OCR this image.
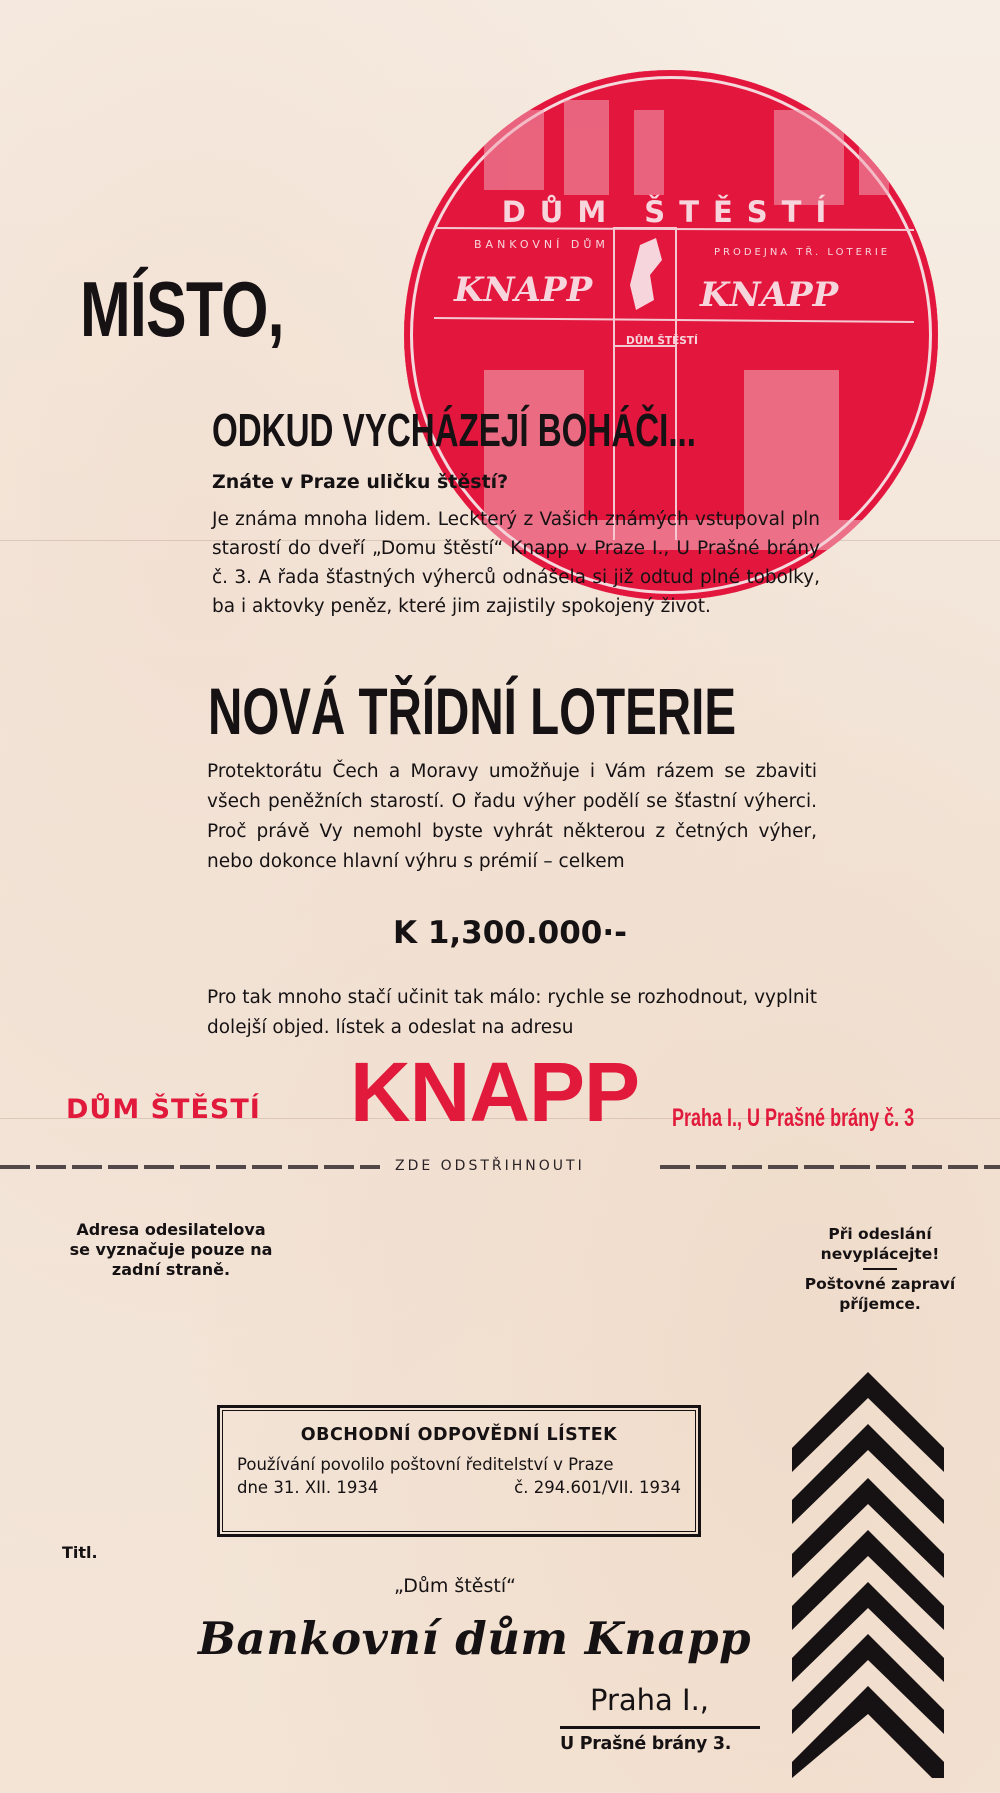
DŮM ŠTĚSTÍ
BANKOVNÍ DŮM
PRODEJNA TŘ. LOTERIE
KNAPP	KNAPP
DŮM ŠTĚSTÍ
MÍSTO,
ODKUD VYCHÁZEJÍ BOHÁČI...
Znáte v Praze uličku štěstí?

Je známa mnoha lidem. Leckterý z Vašich známých vstupoval pln starostí do dveří „Domu štěstí“ Knapp v Praze I., U Prašné brány č. 3. A řada šťastných výherců odnášela si již odtud plné tobolky, ba i aktovky peněz, které jim zajistily spokojený život.

NOVÁ TŘÍDNÍ LOTERIE

Protektorátu Čech a Moravy umožňuje i Vám rázem se zbaviti všech peněžních starostí. O řadu výher podělí se šťastní výherci. Proč právě Vy nemohl byste vyhrát některou z četných výher, nebo dokonce hlavní výhru s prémií – celkem

K 1,300.000·-

Pro tak mnoho stačí učinit tak málo: rychle se rozhodnout, vyplnit dolejší objed. lístek a odeslat na adresu

DŮM ŠTĚSTÍ KNAPP Praha I., U Prašné brány č. 3
ZDE ODSTŘIHNOUTI
Adresa odesilatelova se vyznačuje pouze na zadní straně.
Při odeslání nevyplácejte!
Poštovné zapraví příjemce.
OBCHODNÍ ODPOVĚDNÍ LÍSTEK
Používání povolilo poštovní ředitelství v Praze
dne 31. XII. 1934	č. 294.601/VII. 1934
Titl.
„Dům štěstí“
Bankovní dům Knapp
Praha I.,
U Prašné brány 3.
